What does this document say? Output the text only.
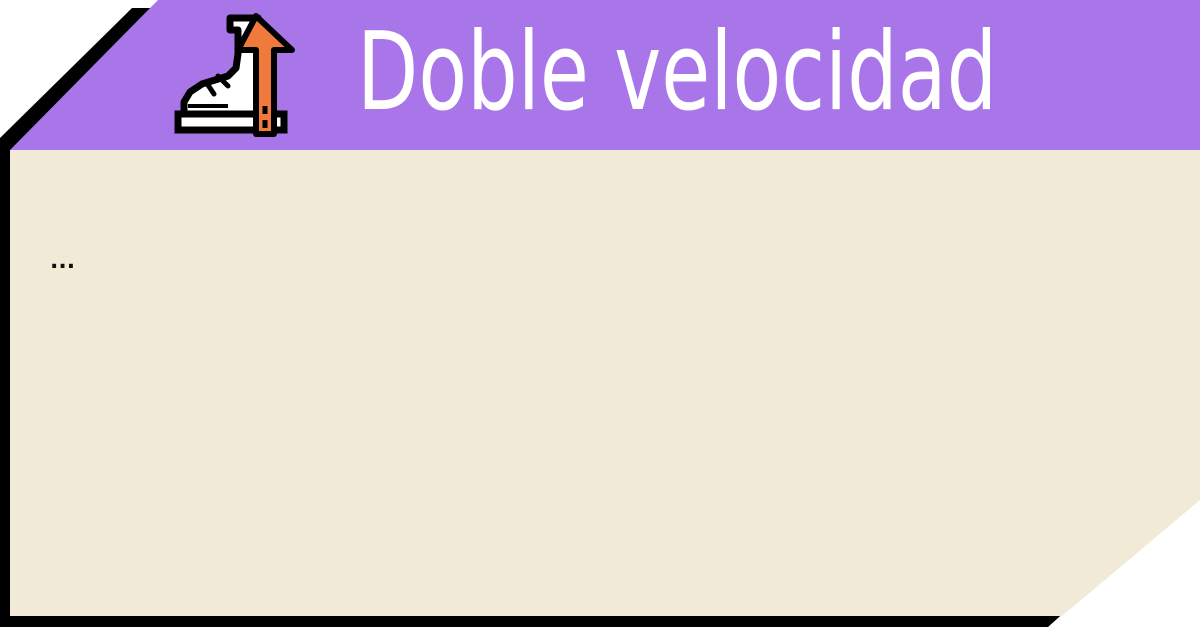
Doble velocidad

...
